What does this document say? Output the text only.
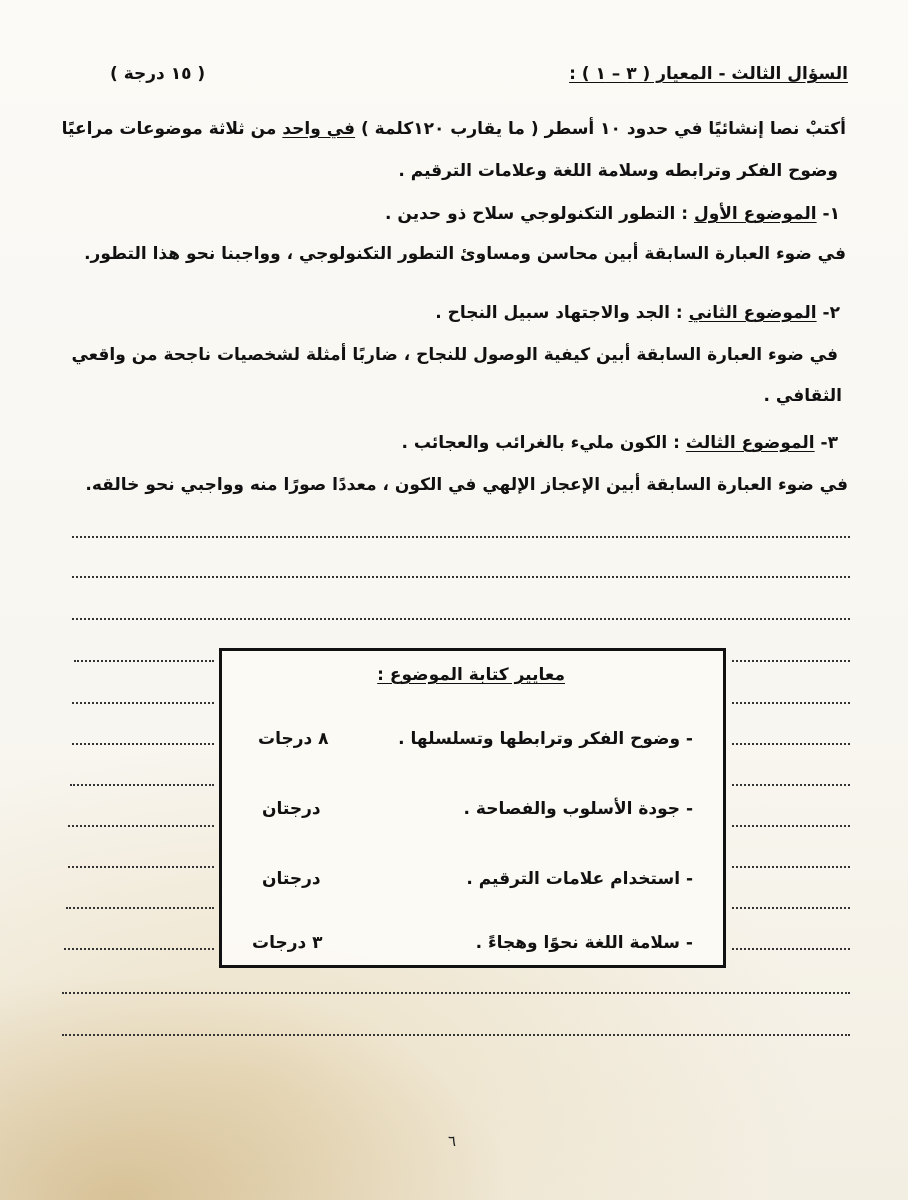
السؤال الثالث - المعيار ( ٣ – ١ ) :
( ١٥ درجة )
أكتبْ نصا إنشائيًا في حدود ١٠ أسطر ( ما يقارب ١٢٠كلمة ) في واحد من ثلاثة موضوعات مراعيًا
وضوح الفكر وترابطه وسلامة اللغة وعلامات الترقيم .
١- الموضوع الأول : التطور التكنولوجي سلاح ذو حدين .
في ضوء العبارة السابقة أبين محاسن ومساوئ التطور التكنولوجي ، وواجبنا نحو هذا التطور.
٢- الموضوع الثاني : الجد والاجتهاد سبيل النجاح .
في ضوء العبارة السابقة أبين كيفية الوصول للنجاح ، ضاربًا أمثلة لشخصيات ناجحة من واقعي
الثقافي .
٣- الموضوع الثالث : الكون مليء بالغرائب والعجائب .
في ضوء العبارة السابقة أبين الإعجاز الإلهي في الكون ، معددًا صورًا منه وواجبي نحو خالقه.
معايير كتابة الموضوع :
- وضوح الفكر وترابطها وتسلسلها .
٨ درجات
- جودة الأسلوب والفصاحة .
درجتان
- استخدام علامات الترقيم .
درجتان
- سلامة اللغة نحوًا وهجاءً .
٣ درجات
٦
